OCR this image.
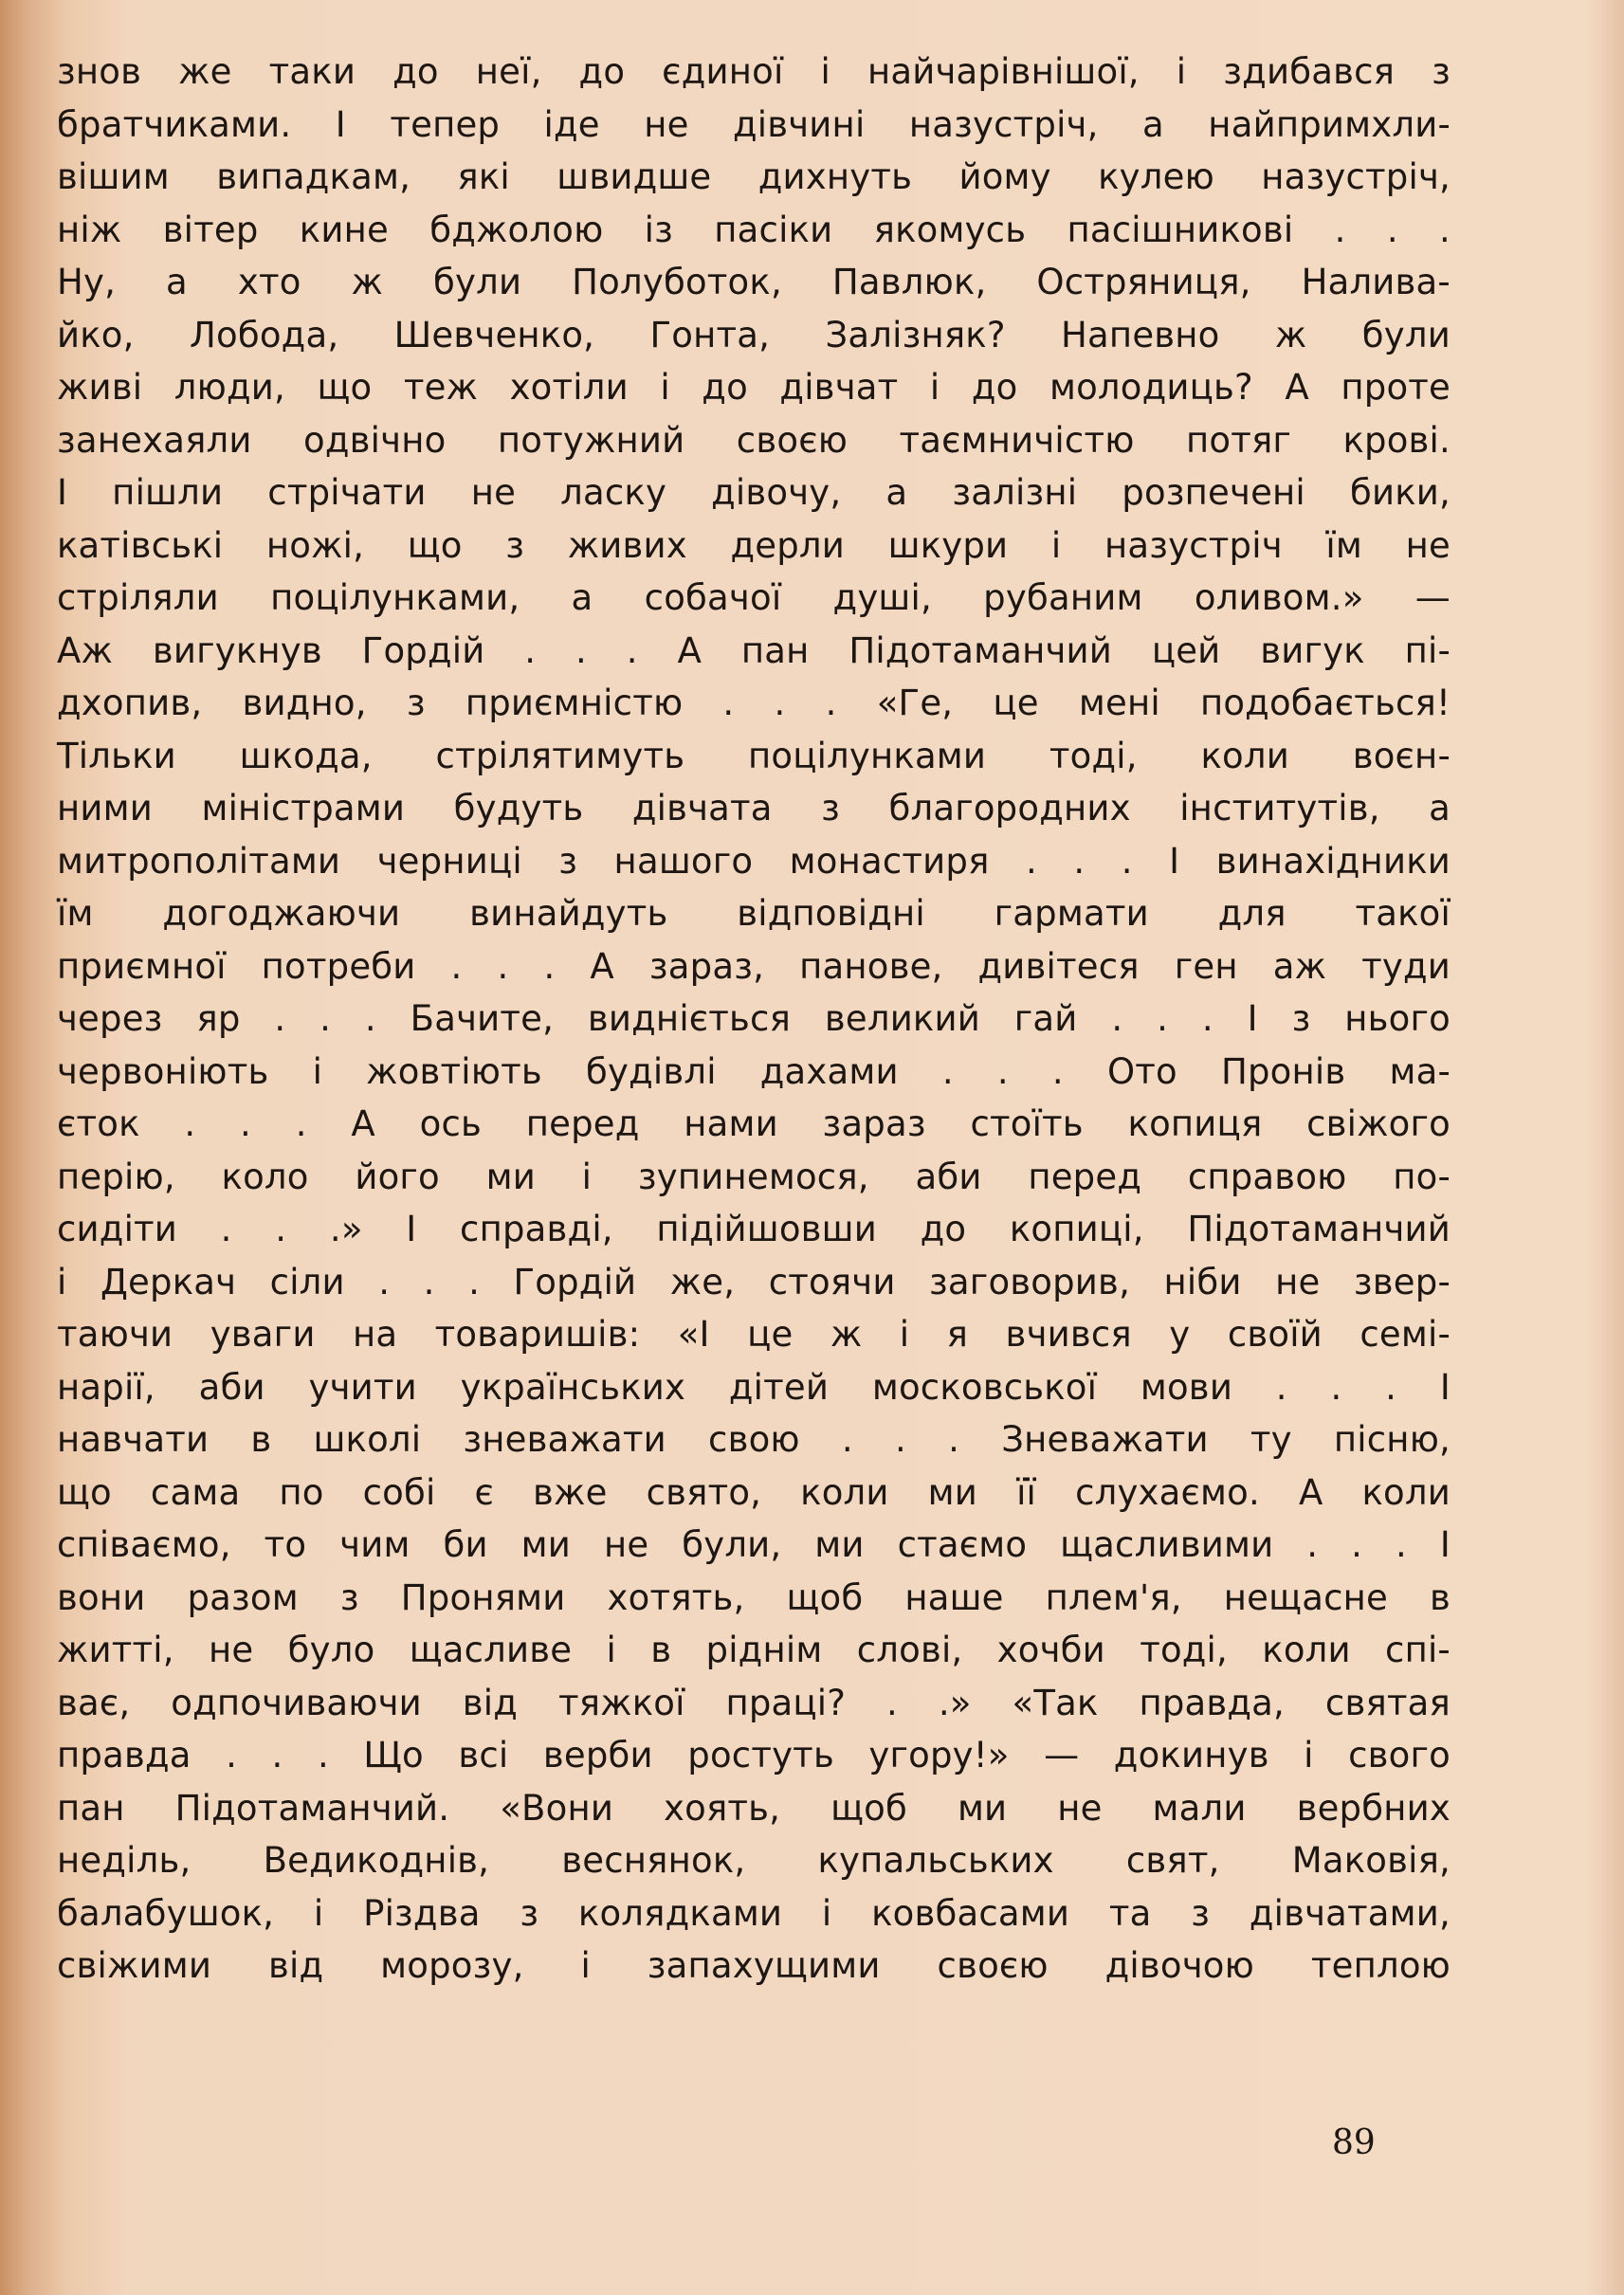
знов же таки до неї, до єдиної і найчарівнішої, і здибався з
братчиками. І тепер іде не дівчині назустріч, а найпримхли-
вішим випадкам, які швидше дихнуть йому кулею назустріч,
ніж вітер кине бджолою із пасіки якомусь пасішникові . . .
Ну, а хто ж були Полуботок, Павлюк, Остряниця, Налива-
йко, Лобода, Шевченко, Гонта, Залізняк? Напевно ж були
живі люди, що теж хотіли і до дівчат і до молодиць? А проте
занехаяли одвічно потужний своєю таємничістю потяг крові.
І пішли стрічати не ласку дівочу, а залізні розпечені бики,
катівські ножі, що з живих дерли шкури і назустріч їм не
стріляли поцілунками, а собачої душі, рубаним оливом.» —
Аж вигукнув Гордій . . . А пан Підотаманчий цей вигук пі-
дхопив, видно, з приємністю . . . «Ге, це мені подобається!
Тільки шкода, стрілятимуть поцілунками тоді, коли воєн-
ними міністрами будуть дівчата з благородних інститутів, а
митрополітами черниці з нашого монастиря . . . І винахідники
їм догоджаючи винайдуть відповідні гармати для такої
приємної потреби . . . А зараз, панове, дивітеся ген аж туди
через яр . . . Бачите, видніється великий гай . . . І з нього
червоніють і жовтіють будівлі дахами . . . Ото Пронів ма-
єток . . . А ось перед нами зараз стоїть копиця свіжого
перію, коло його ми і зупинемося, аби перед справою по-
сидіти . . .» І справді, підійшовши до копиці, Підотаманчий
і Деркач сіли . . . Гордій же, стоячи заговорив, ніби не звер-
таючи уваги на товаришів: «І це ж і я вчився у своїй семі-
нарії, аби учити українських дітей московської мови . . . І
навчати в школі зневажати свою . . . Зневажати ту пісню,
що сама по собі є вже свято, коли ми її слухаємо. А коли
співаємо, то чим би ми не були, ми стаємо щасливими . . . І
вони разом з Пронями хотять, щоб наше плем'я, нещасне в
житті, не було щасливе і в ріднім слові, хочби тоді, коли спі-
ває, одпочиваючи від тяжкої праці? . .» «Так правда, святая
правда . . . Що всі верби ростуть угору!» — докинув і свого
пан Підотаманчий. «Вони хоять, щоб ми не мали вербних
неділь, Ведикоднів, веснянок, купальських свят, Маковія,
балабушок, і Різдва з колядками і ковбасами та з дівчатами,
свіжими від морозу, і запахущими своєю дівочою теплою
89
